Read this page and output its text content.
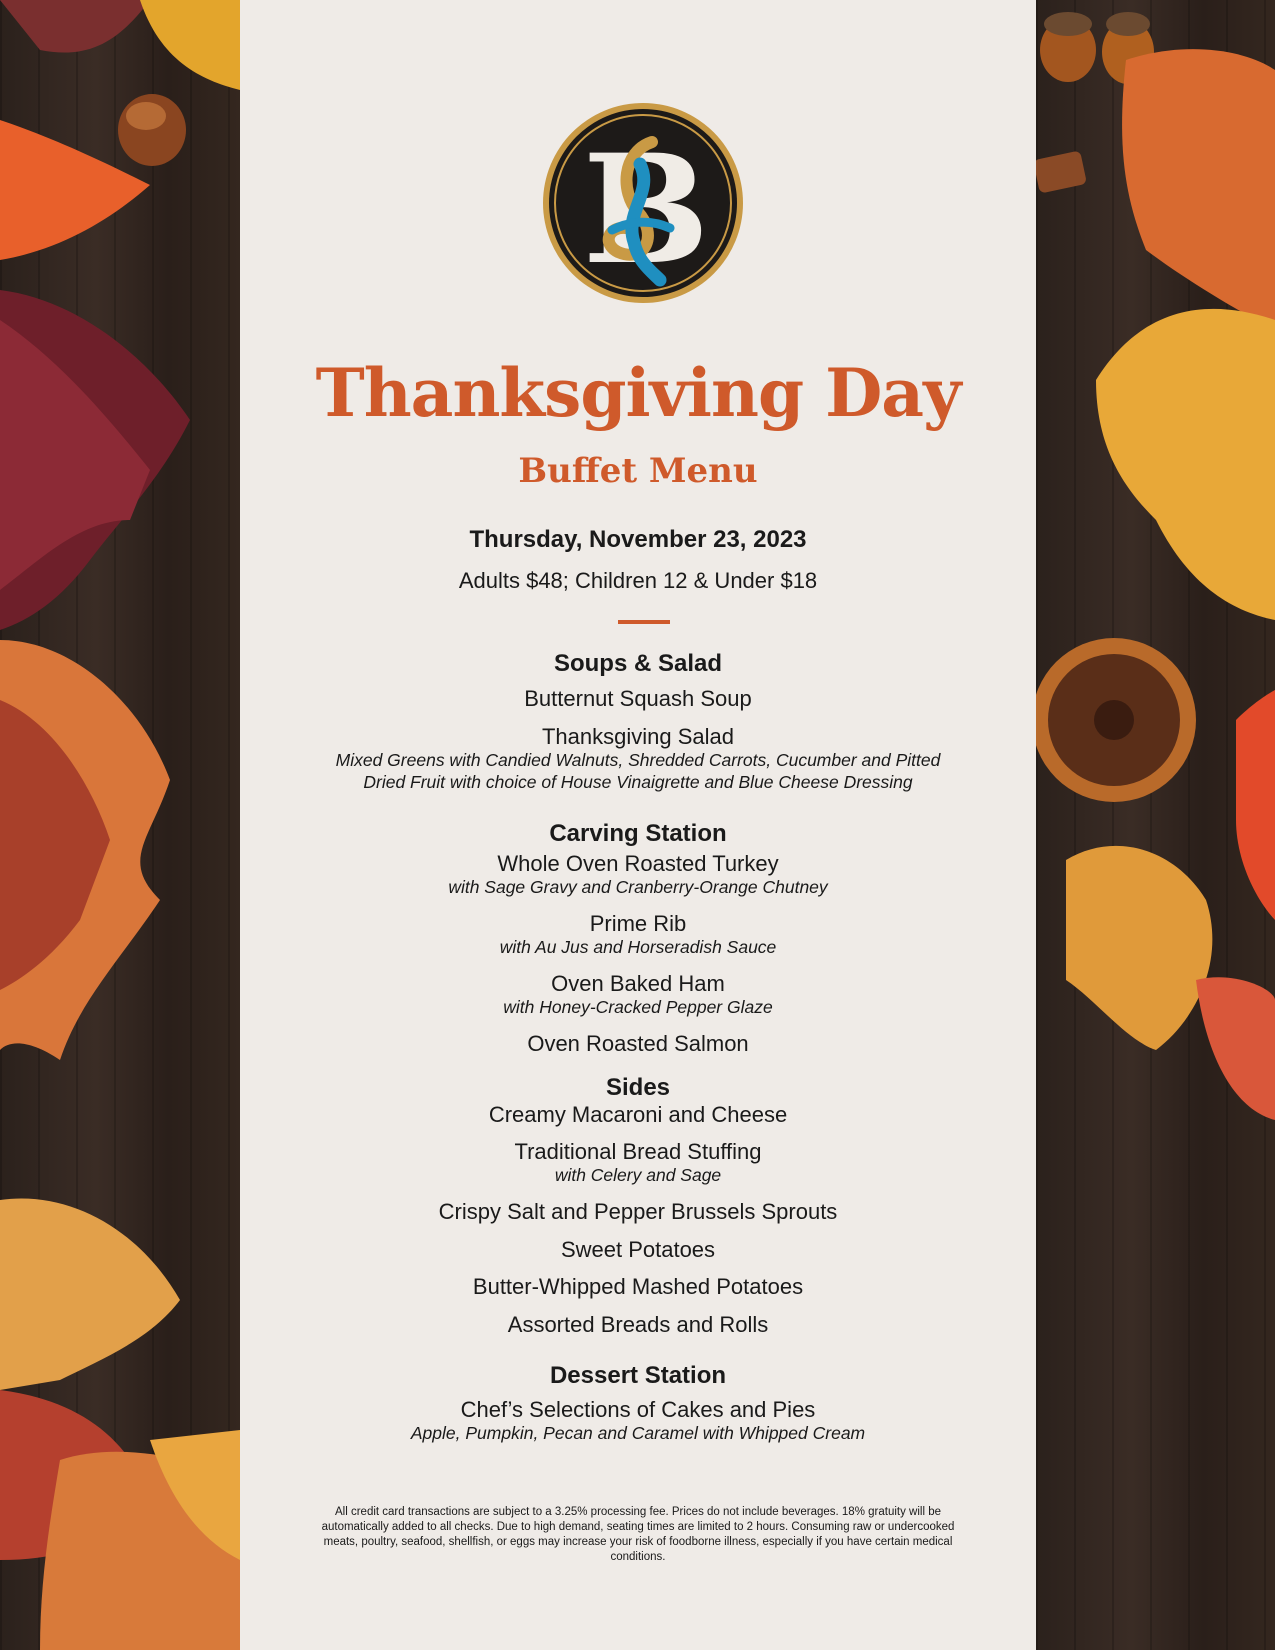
B
Thanksgiving Day
Buffet Menu
Thursday, November 23, 2023
Adults $48; Children 12 & Under $18
Soups & Salad
Butternut Squash Soup
Thanksgiving Salad
Mixed Greens with Candied Walnuts, Shredded Carrots, Cucumber and Pitted
Dried Fruit with choice of House Vinaigrette and Blue Cheese Dressing
Carving Station
Whole Oven Roasted Turkey
with Sage Gravy and Cranberry-Orange Chutney
Prime Rib
with Au Jus and Horseradish Sauce
Oven Baked Ham
with Honey-Cracked Pepper Glaze
Oven Roasted Salmon
Sides
Creamy Macaroni and Cheese
Traditional Bread Stuffing
with Celery and Sage
Crispy Salt and Pepper Brussels Sprouts
Sweet Potatoes
Butter-Whipped Mashed Potatoes
Assorted Breads and Rolls
Dessert Station
Chef’s Selections of Cakes and Pies
Apple, Pumpkin, Pecan and Caramel with Whipped Cream
All credit card transactions are subject to a 3.25% processing fee. Prices do not include beverages. 18% gratuity will be automatically added to all checks. Due to high demand, seating times are limited to 2 hours. Consuming raw or undercooked meats, poultry, seafood, shellfish, or eggs may increase your risk of foodborne illness, especially if you have certain medical conditions.
